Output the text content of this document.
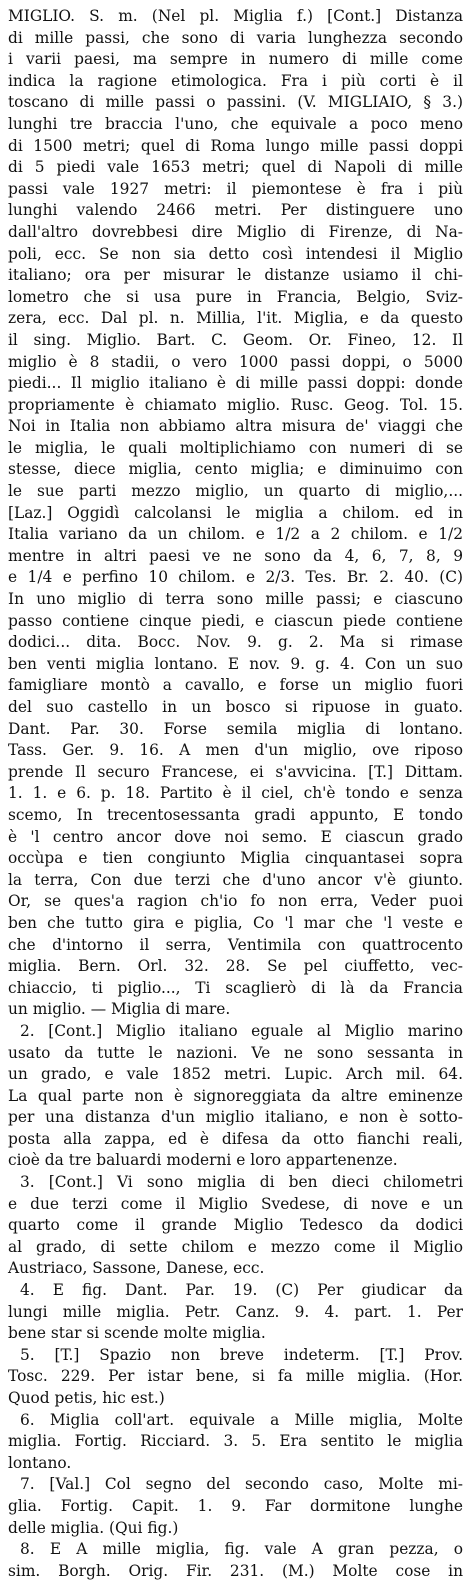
MIGLIO. S. m. (Nel pl. Miglia f.) [Cont.] Distanza
di mille passi, che sono di varia lunghezza secondo
i varii paesi, ma sempre in numero di mille come
indica la ragione etimologica. Fra i più corti è il
toscano di mille passi o passini. (V. MIGLIAIO, § 3.)
lunghi tre braccia l'uno, che equivale a poco meno
di 1500 metri; quel di Roma lungo mille passi doppi
di 5 piedi vale 1653 metri; quel di Napoli di mille
passi vale 1927 metri: il piemontese è fra i più
lunghi valendo 2466 metri. Per distinguere uno
dall'altro dovrebbesi dire Miglio di Firenze, di Na-
poli, ecc. Se non sia detto così intendesi il Miglio
italiano; ora per misurar le distanze usiamo il chi-
lometro che si usa pure in Francia, Belgio, Sviz-
zera, ecc. Dal pl. n. Millia, l'it. Miglia, e da questo
il sing. Miglio. Bart. C. Geom. Or. Fineo, 12. Il
miglio è 8 stadii, o vero 1000 passi doppi, o 5000
piedi... Il miglio italiano è di mille passi doppi: donde
propriamente è chiamato miglio. Rusc. Geog. Tol. 15.
Noi in Italia non abbiamo altra misura de' viaggi che
le miglia, le quali moltiplichiamo con numeri di se
stesse, diece miglia, cento miglia; e diminuimo con
le sue parti mezzo miglio, un quarto di miglio,...
[Laz.] Oggidì calcolansi le miglia a chilom. ed in
Italia variano da un chilom. e 1/2 a 2 chilom. e 1/2
mentre in altri paesi ve ne sono da 4, 6, 7, 8, 9
e 1/4 e perfino 10 chilom. e 2/3. Tes. Br. 2. 40. (C)
In uno miglio di terra sono mille passi; e ciascuno
passo contiene cinque piedi, e ciascun piede contiene
dodici... dita. Bocc. Nov. 9. g. 2. Ma si rimase
ben venti miglia lontano. E nov. 9. g. 4. Con un suo
famigliare montò a cavallo, e forse un miglio fuori
del suo castello in un bosco si ripuose in guato.
Dant. Par. 30. Forse semila miglia di lontano.
Tass. Ger. 9. 16. A men d'un miglio, ove riposo
prende Il securo Francese, ei s'avvicina. [T.] Dittam.
1. 1. e 6. p. 18. Partito è il ciel, ch'è tondo e senza
scemo, In trecentosessanta gradi appunto, E tondo
è 'l centro ancor dove noi semo. E ciascun grado
occùpa e tien congiunto Miglia cinquantasei sopra
la terra, Con due terzi che d'uno ancor v'è giunto.
Or, se ques'a ragion ch'io fo non erra, Veder puoi
ben che tutto gira e piglia, Co 'l mar che 'l veste e
che d'intorno il serra, Ventimila con quattrocento
miglia. Bern. Orl. 32. 28. Se pel ciuffetto, vec-
chiaccio, ti piglio..., Ti scaglierò di là da Francia
un miglio. — Miglia di mare.
2. [Cont.] Miglio italiano eguale al Miglio marino
usato da tutte le nazioni. Ve ne sono sessanta in
un grado, e vale 1852 metri. Lupic. Arch mil. 64.
La qual parte non è signoreggiata da altre eminenze
per una distanza d'un miglio italiano, e non è sotto-
posta alla zappa, ed è difesa da otto fianchi reali,
cioè da tre baluardi moderni e loro appartenenze.
3. [Cont.] Vi sono miglia di ben dieci chilometri
e due terzi come il Miglio Svedese, di nove e un
quarto come il grande Miglio Tedesco da dodici
al grado, di sette chilom e mezzo come il Miglio
Austriaco, Sassone, Danese, ecc.
4. E fig. Dant. Par. 19. (C) Per giudicar da
lungi mille miglia. Petr. Canz. 9. 4. part. 1. Per
bene star si scende molte miglia.
5. [T.] Spazio non breve indeterm. [T.] Prov.
Tosc. 229. Per istar bene, si fa mille miglia. (Hor.
Quod petis, hic est.)
6. Miglia coll'art. equivale a Mille miglia, Molte
miglia. Fortig. Ricciard. 3. 5. Era sentito le miglia
lontano.
7. [Val.] Col segno del secondo caso, Molte mi-
glia. Fortig. Capit. 1. 9. Far dormitone lunghe
delle miglia. (Qui fig.)
8. E A mille miglia, fig. vale A gran pezza, o
sim. Borgh. Orig. Fir. 231. (M.) Molte cose in
